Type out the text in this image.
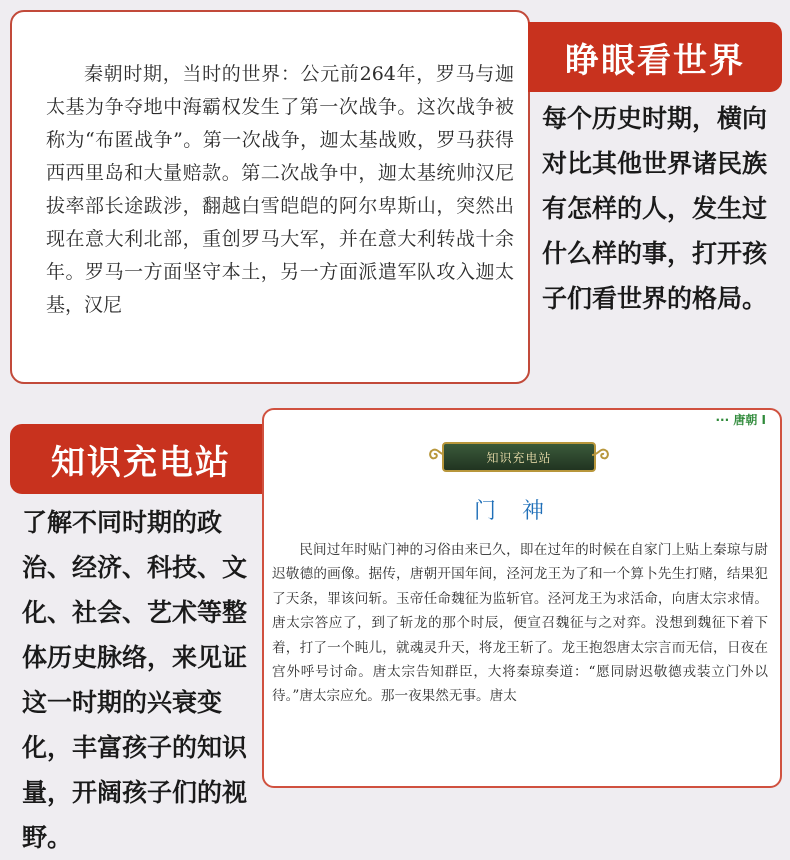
秦朝时期，当时的世界：公元前264年，罗马与迦太基为争夺地中海霸权发生了第一次战争。这次战争被称为“布匿战争”。第一次战争，迦太基战败，罗马获得西西里岛和大量赔款。第二次战争中，迦太基统帅汉尼拔率部长途跋涉，翻越白雪皑皑的阿尔卑斯山，突然出现在意大利北部，重创罗马大军，并在意大利转战十余年。罗马一方面坚守本土，另一方面派遣军队攻入迦太基，汉尼
睁眼看世界
每个历史时期，横向对比其他世界诸民族有怎样的人，发生过什么样的事，打开孩子们看世界的格局。
知识充电站
了解不同时期的政治、经济、科技、文化、社会、艺术等整体历史脉络，来见证这一时期的兴衰变化，丰富孩子的知识量，开阔孩子们的视野。
··· 唐朝 I
知识充电站
门神
民间过年时贴门神的习俗由来已久，即在过年的时候在自家门上贴上秦琼与尉迟敬德的画像。据传，唐朝开国年间，泾河龙王为了和一个算卜先生打赌，结果犯了天条，罪该问斩。玉帝任命魏征为监斩官。泾河龙王为求活命，向唐太宗求情。唐太宗答应了，到了斩龙的那个时辰，便宣召魏征与之对弈。没想到魏征下着下着，打了一个盹儿，就魂灵升天，将龙王斩了。龙王抱怨唐太宗言而无信，日夜在宫外呼号讨命。唐太宗告知群臣，大将秦琼奏道：“愿同尉迟敬德戎装立门外以待。”唐太宗应允。那一夜果然无事。唐太
